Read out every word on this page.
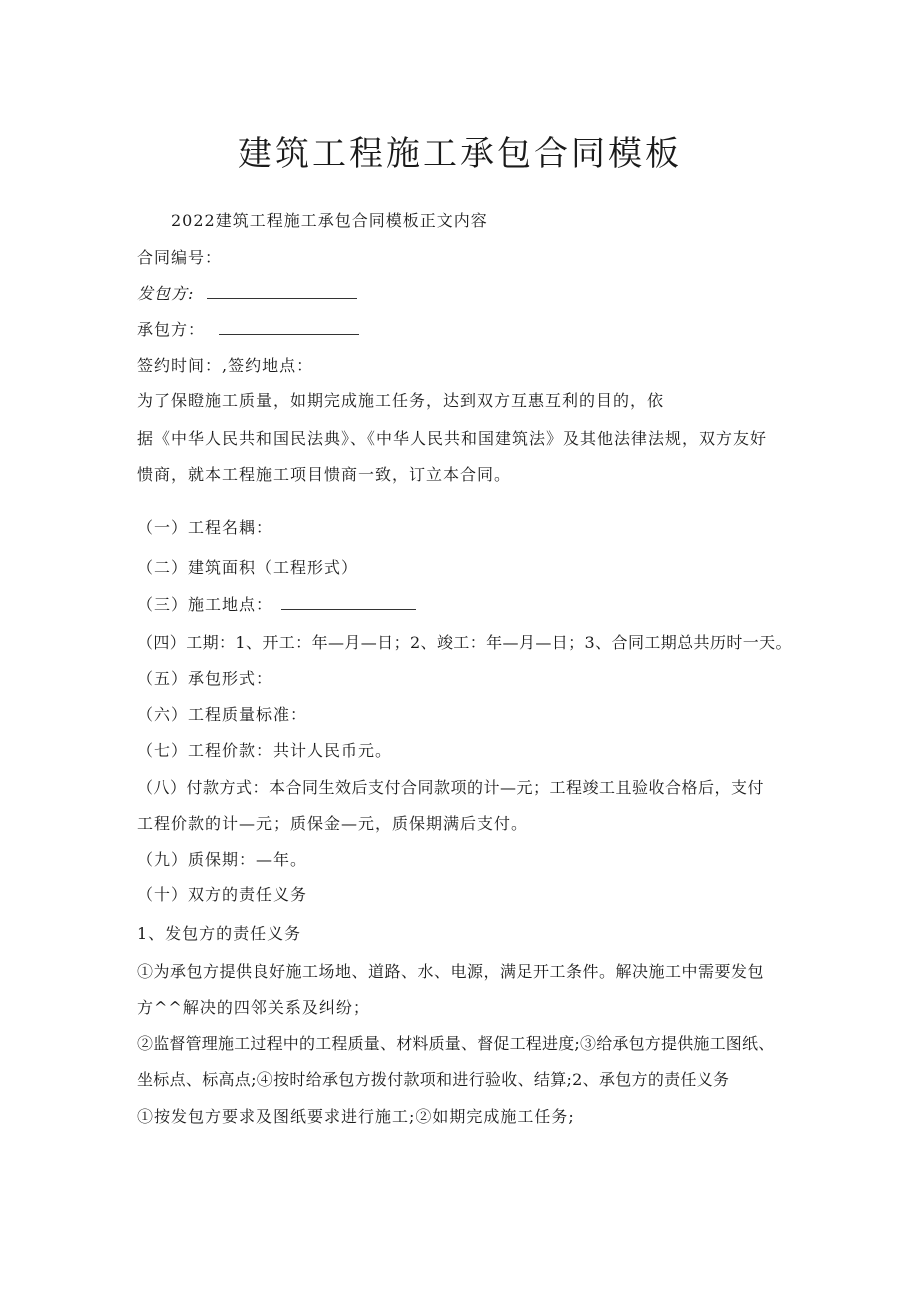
建筑工程施工承包合同模板

2022建筑工程施工承包合同模板正文内容

合同编号：

发包方:

承包方：

签约时间：,签约地点：

为了保瞪施工质量，如期完成施工任务，达到双方互惠互利的目的，依

据《中华人民共和国民法典》、《中华人民共和国建筑法》及其他法律法规，双方友好

愦商，就本工程施工项目愦商一致，订立本合同。

（一）工程名耦：

（二）建筑面积（工程形式）

（三）施工地点：

（四）工期：1、开工：年—月—日；2、竣工：年—月—日；3、合同工期总共历时一天。

（五）承包形式：

（六）工程质量标准：

（七）工程价款：共计人民币元。

（八）付款方式：本合同生效后支付合同款项的计—元；工程竣工且验收合格后，支付

工程价款的计—元；质保金—元，质保期满后支付。

（九）质保期：—年。

（十）双方的责任义务

1、发包方的责任义务

①为承包方提供良好施工场地、道路、水、电源，满足开工条件。解决施工中需要发包

方^^解决的四邻关系及纠纷；

②监督管理施工过程中的工程质量、材料质量、督促工程进度;③给承包方提供施工图纸、

坐标点、标高点;④按时给承包方拨付款项和进行验收、结算;2、承包方的责任义务

①按发包方要求及图纸要求进行施工;②如期完成施工任务;
